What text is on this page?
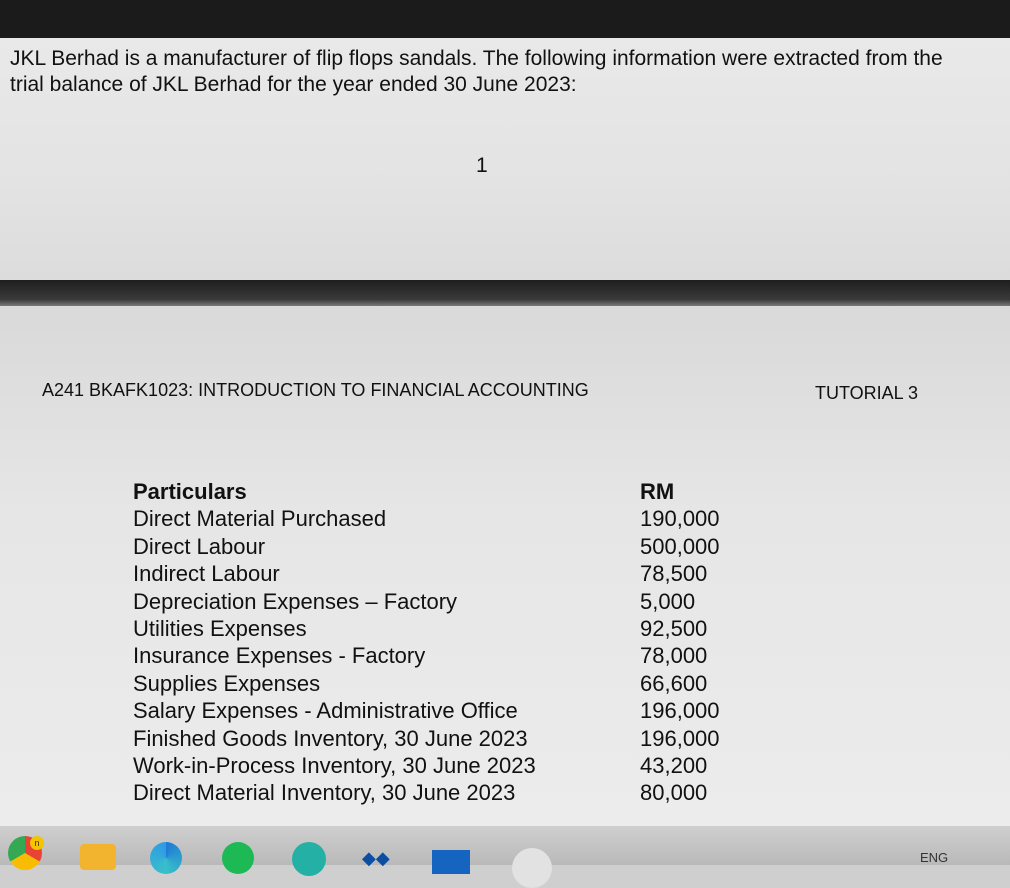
JKL Berhad is a manufacturer of flip flops sandals. The following information were extracted from the trial balance of JKL Berhad for the year ended 30 June 2023:

1
A241 BKAFK1023: INTRODUCTION TO FINANCIAL ACCOUNTING	TUTORIAL 3
Particulars	RM
Direct Material Purchased	190,000
Direct Labour	500,000
Indirect Labour	78,500
Depreciation Expenses – Factory	5,000
Utilities Expenses	92,500
Insurance Expenses - Factory	78,000
Supplies Expenses	66,600
Salary Expenses - Administrative Office	196,000
Finished Goods Inventory, 30 June 2023	196,000
Work-in-Process Inventory, 30 June 2023	43,200
Direct Material Inventory, 30 June 2023	80,000
n
◆◆	ENG
